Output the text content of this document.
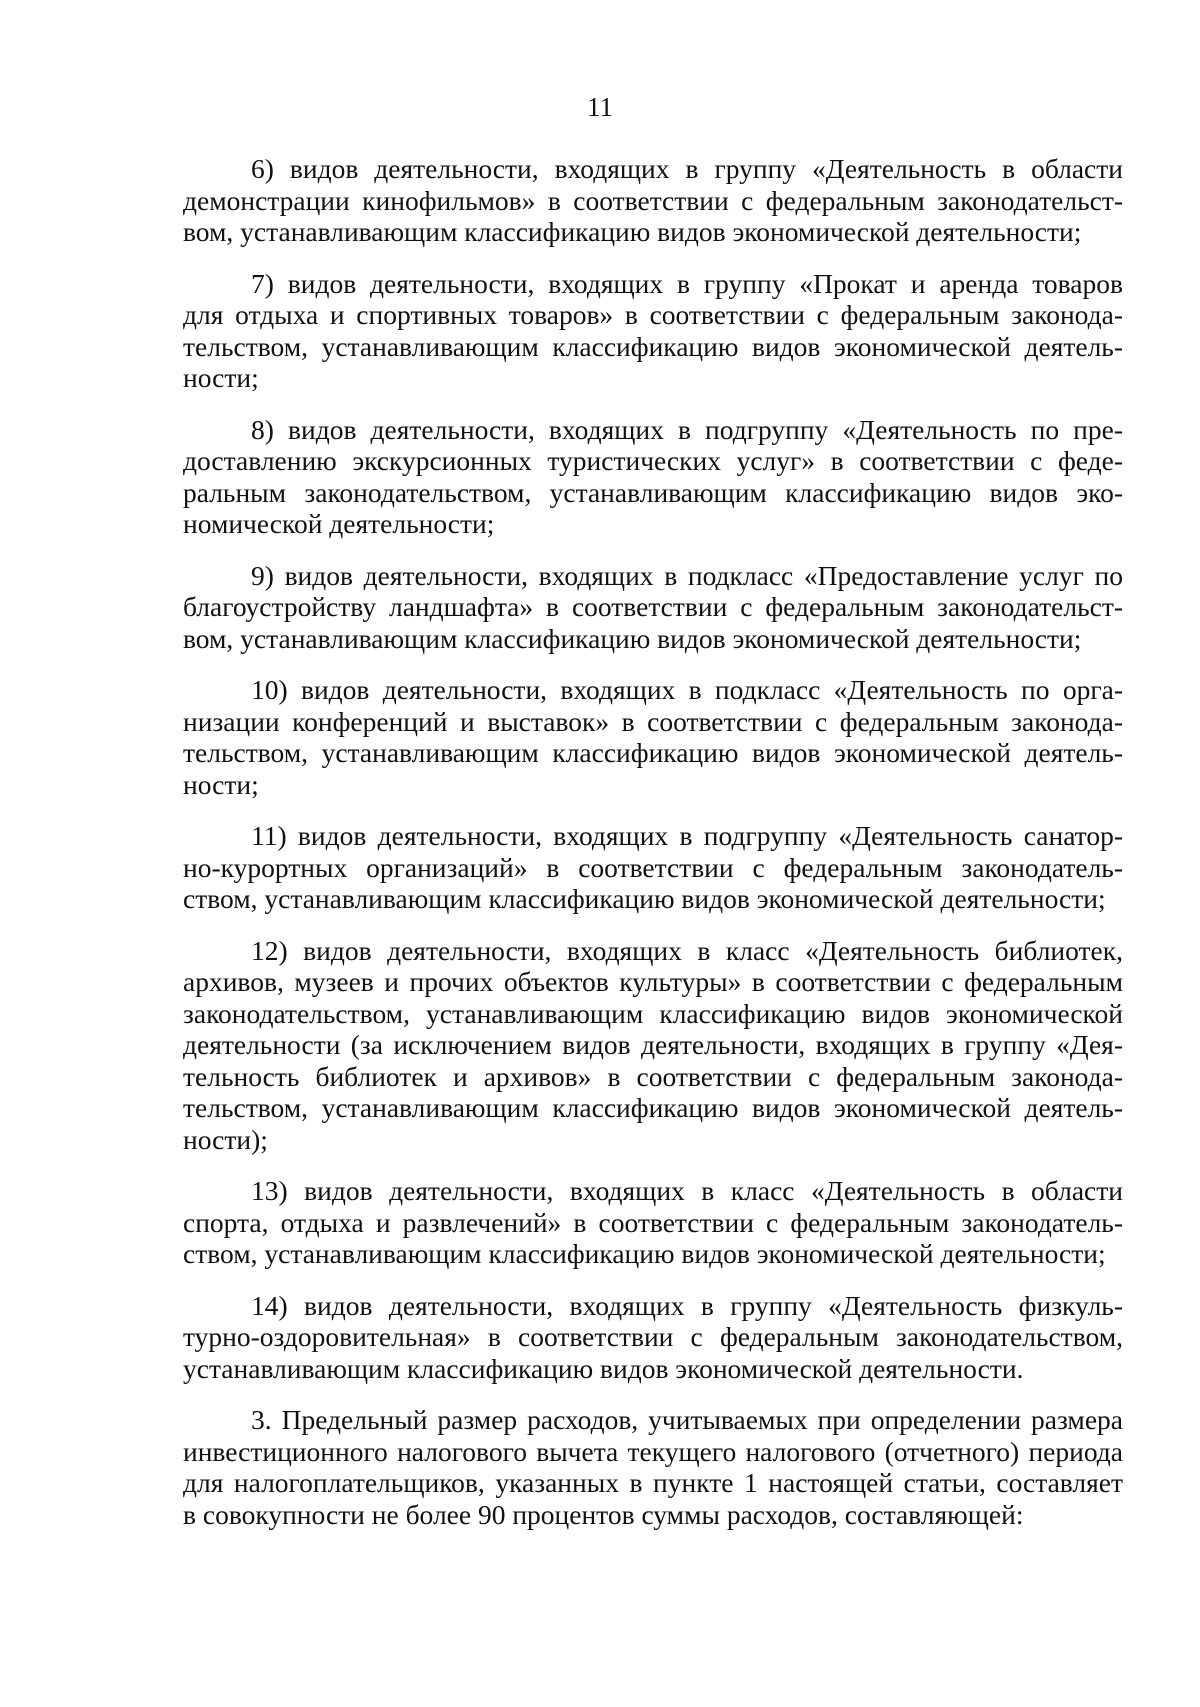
11

6) видов деятельности, входящих в группу «Деятельность в области
демонстрации кинофильмов» в соответствии с федеральным законодательст-
вом, устанавливающим классификацию видов экономической деятельности;

7) видов деятельности, входящих в группу «Прокат и аренда товаров
для отдыха и спортивных товаров» в соответствии с федеральным законода-
тельством, устанавливающим классификацию видов экономической деятель-
ности;

8) видов деятельности, входящих в подгруппу «Деятельность по пре-
доставлению экскурсионных туристических услуг» в соответствии с феде-
ральным законодательством, устанавливающим классификацию видов эко-
номической деятельности;

9) видов деятельности, входящих в подкласс «Предоставление услуг по
благоустройству ландшафта» в соответствии с федеральным законодательст-
вом, устанавливающим классификацию видов экономической деятельности;

10) видов деятельности, входящих в подкласс «Деятельность по орга-
низации конференций и выставок» в соответствии с федеральным законода-
тельством, устанавливающим классификацию видов экономической деятель-
ности;

11) видов деятельности, входящих в подгруппу «Деятельность санатор-
но-курортных организаций» в соответствии с федеральным законодатель-
ством, устанавливающим классификацию видов экономической деятельности;

12) видов деятельности, входящих в класс «Деятельность библиотек,
архивов, музеев и прочих объектов культуры» в соответствии с федеральным
законодательством, устанавливающим классификацию видов экономической
деятельности (за исключением видов деятельности, входящих в группу «Дея-
тельность библиотек и архивов» в соответствии с федеральным законода-
тельством, устанавливающим классификацию видов экономической деятель-
ности);

13) видов деятельности, входящих в класс «Деятельность в области
спорта, отдыха и развлечений» в соответствии с федеральным законодатель-
ством, устанавливающим классификацию видов экономической деятельности;

14) видов деятельности, входящих в группу «Деятельность физкуль-
турно-оздоровительная» в соответствии с федеральным законодательством,
устанавливающим классификацию видов экономической деятельности.

3. Предельный размер расходов, учитываемых при определении размера
инвестиционного налогового вычета текущего налогового (отчетного) периода
для налогоплательщиков, указанных в пункте 1 настоящей статьи, составляет
в совокупности не более 90 процентов суммы расходов, составляющей:
